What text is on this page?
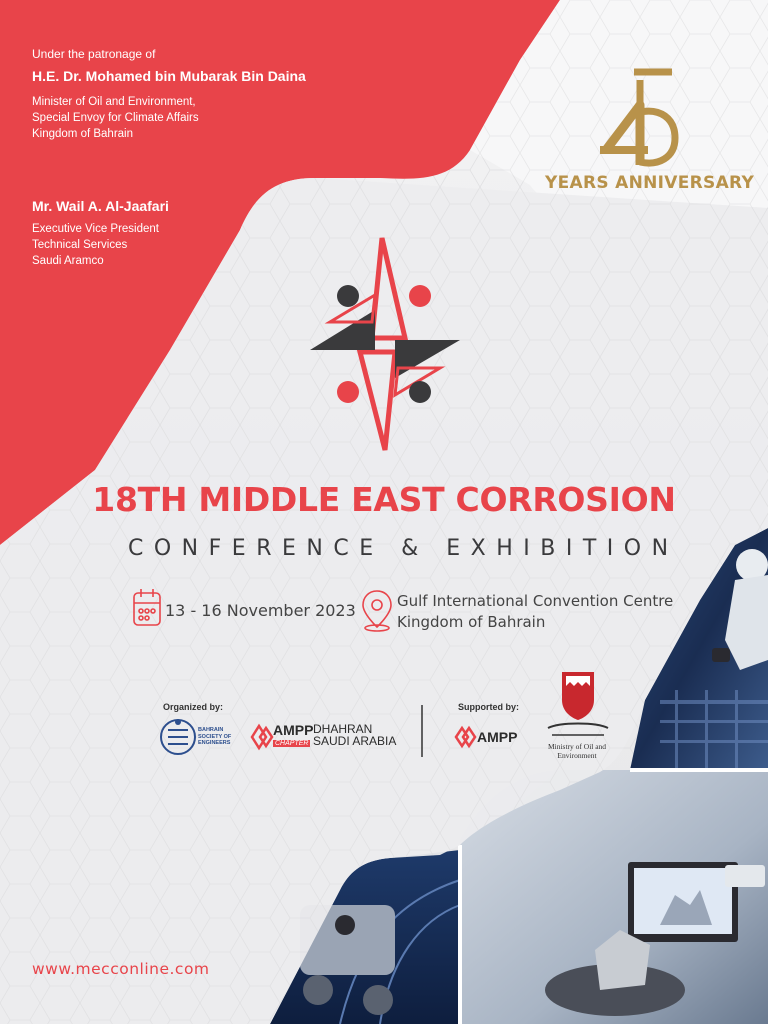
Under the patronage of
H.E. Dr. Mohamed bin Mubarak Bin Daina
Minister of Oil and Environment,
Special Envoy for Climate Affairs
Kingdom of Bahrain
Mr. Wail A. Al-Jaafari
Executive Vice President
Technical Services
Saudi Aramco
YEARS ANNIVERSARY
18TH MIDDLE EAST CORROSION
CONFERENCE & EXHIBITION
13 - 16 November 2023	Gulf International Convention Centre
Kingdom of Bahrain
Organized by:
BAHRAIN
SOCIETY OF
ENGINEERS
AMPP DHAHRAN
SAUDI ARABIA
CHAPTER
Supported by:
AMPP
Ministry of Oil and
Environment
www.mecconline.com
